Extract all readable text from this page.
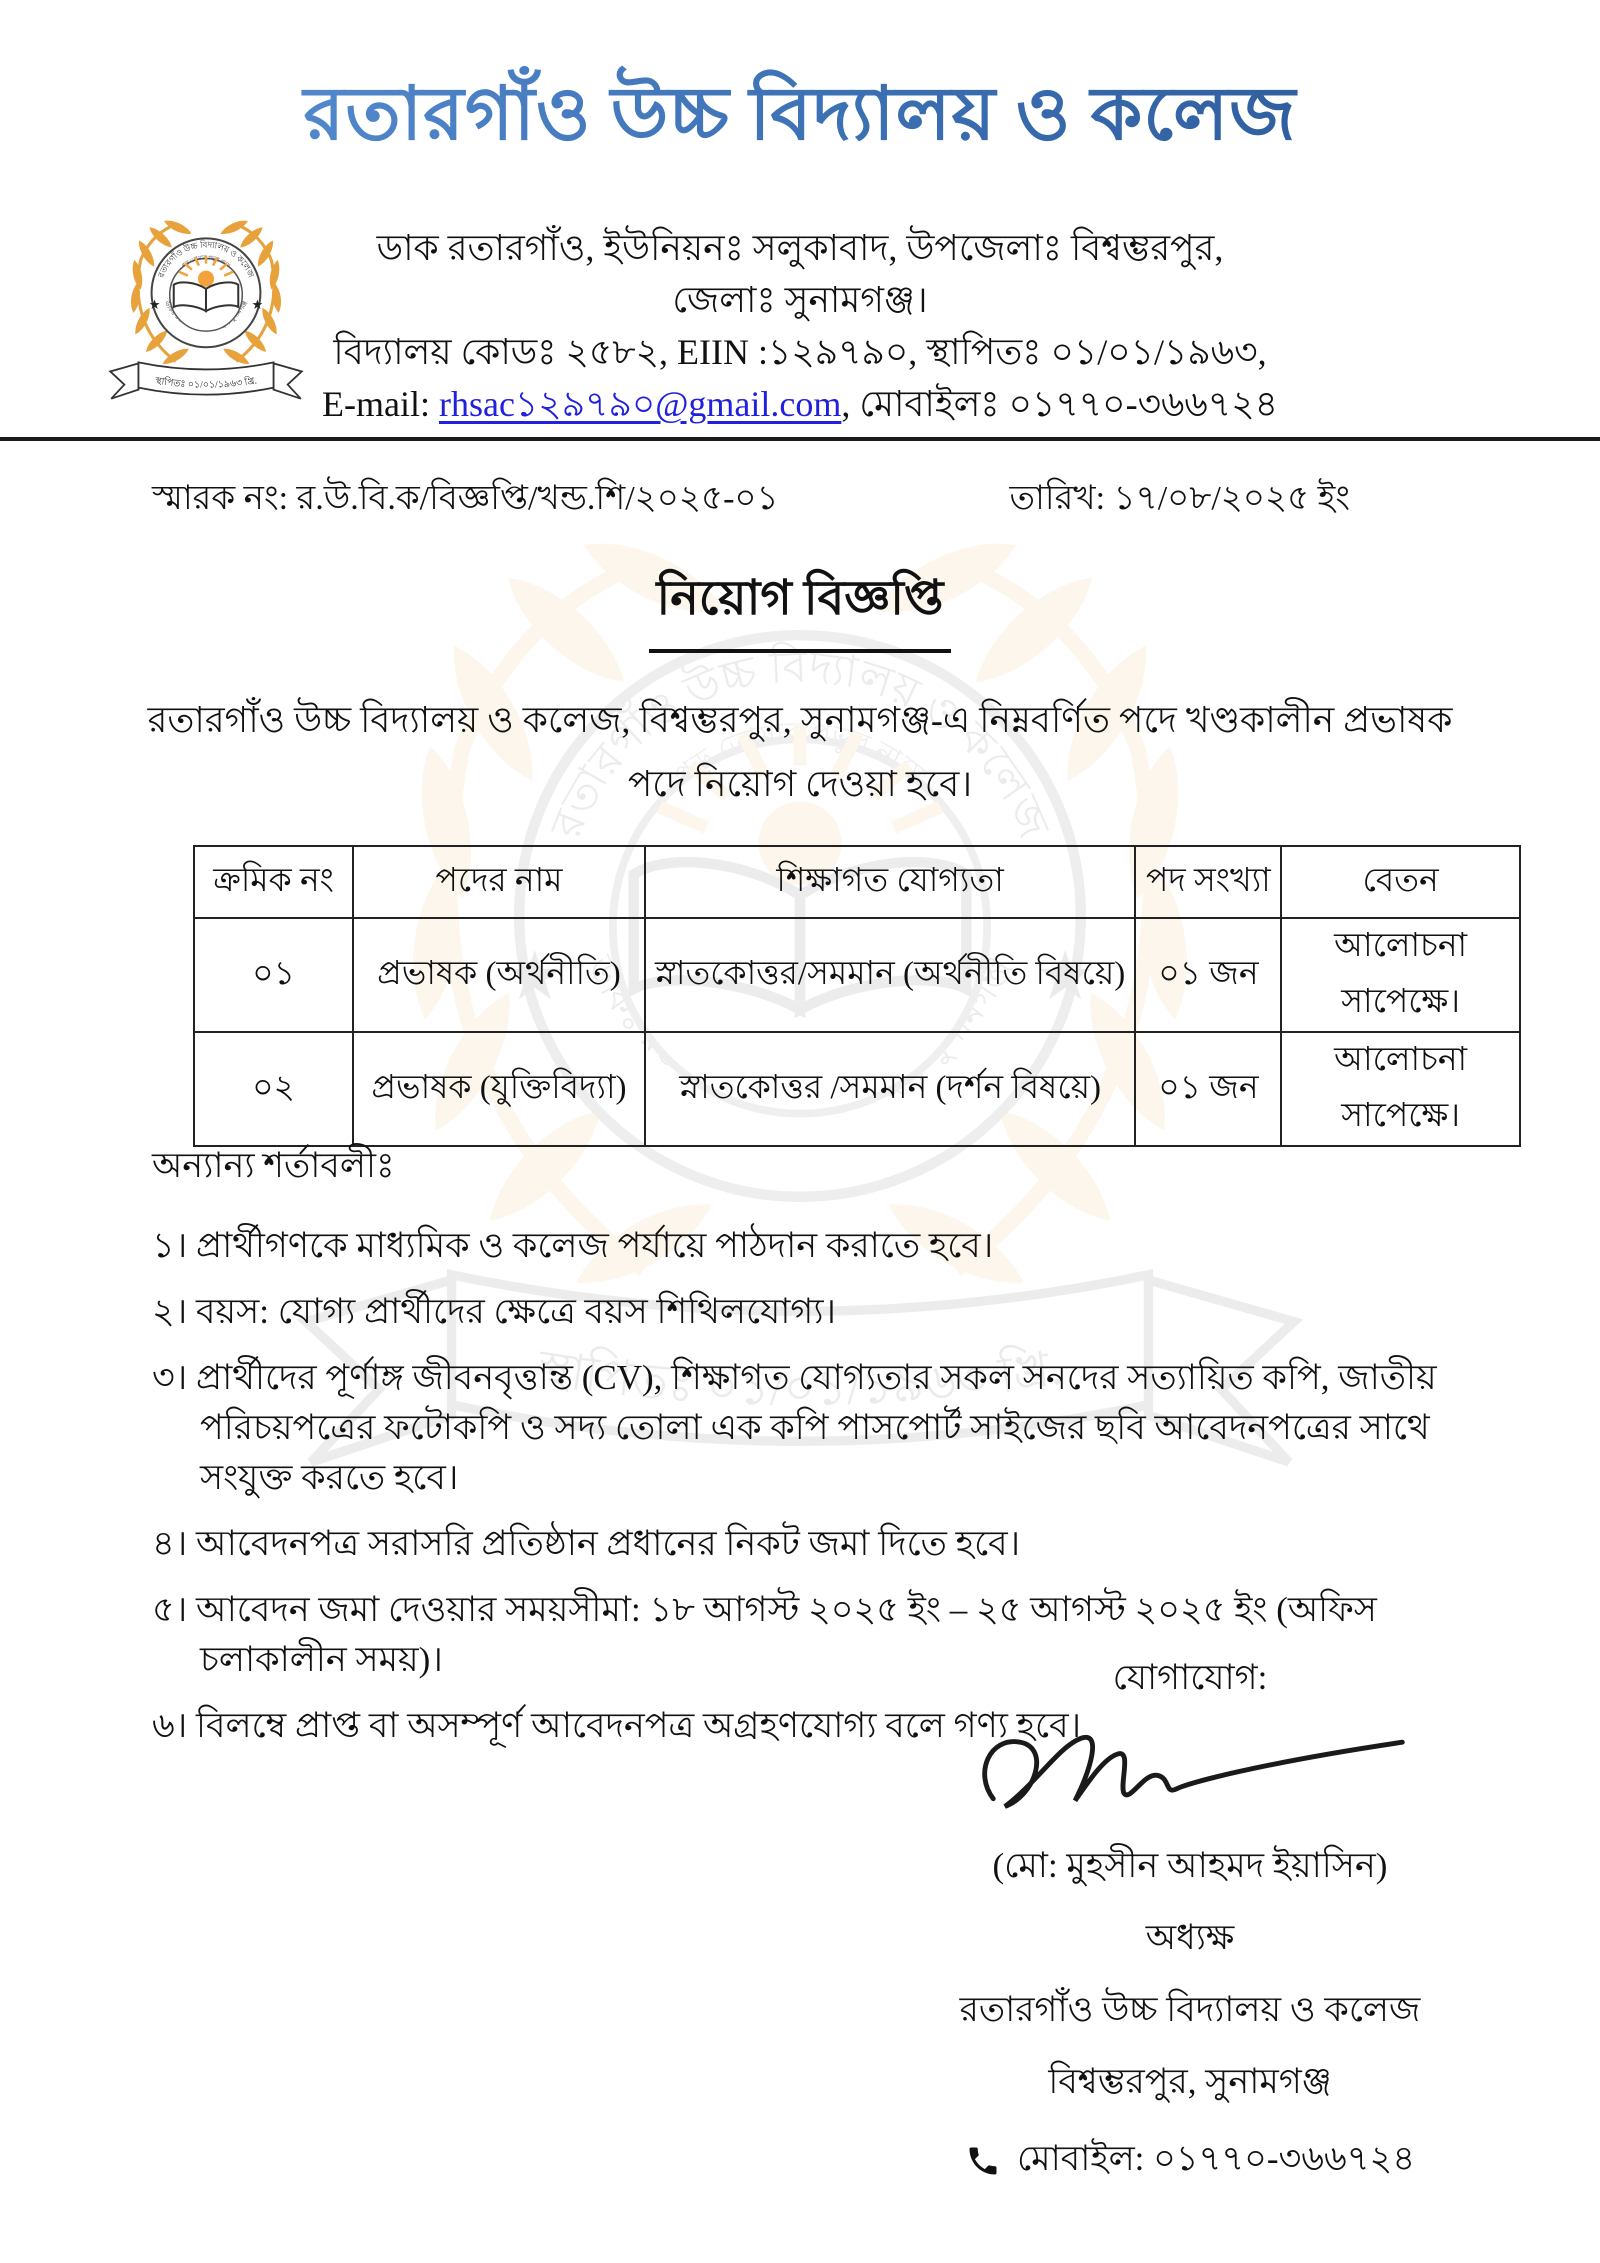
রতারগাঁও উচ্চ বিদ্যালয় ও কলেজ
ডাক রতারগাঁও, ইউনিয়নঃ সলুকাবাদ, উপজেলাঃ বিশ্বম্ভরপুর,
জেলাঃ সুনামগঞ্জ।
বিদ্যালয় কোডঃ ২৫৮২, EIIN :১২৯৭৯০, স্থাপিতঃ ০১/০১/১৯৬৩,
E-mail: rhsac১২৯৭৯০@gmail.com, মোবাইলঃ ০১৭৭০-৩৬৬৭২৪
স্মারক নং: র.উ.বি.ক/বিজ্ঞপ্তি/খন্ড.শি/২০২৫-০১	তারিখ: ১৭/০৮/২০২৫ ইং
নিয়োগ বিজ্ঞপ্তি
রতারগাঁও উচ্চ বিদ্যালয় ও কলেজ, বিশ্বম্ভরপুর, সুনামগঞ্জ-এ নিম্নবর্ণিত পদে খণ্ডকালীন প্রভাষক পদে নিয়োগ দেওয়া হবে।
ক্রমিক নং	পদের নাম	শিক্ষাগত যোগ্যতা	পদ সংখ্যা	বেতন
০১	প্রভাষক (অর্থনীতি)	স্নাতকোত্তর/সমমান (অর্থনীতি বিষয়ে)	০১ জন	আলোচনা সাপেক্ষে।
০২	প্রভাষক (যুক্তিবিদ্যা)	স্নাতকোত্তর /সমমান (দর্শন বিষয়ে)	০১ জন	আলোচনা সাপেক্ষে।
অন্যান্য শর্তাবলীঃ
১। প্রার্থীগণকে মাধ্যমিক ও কলেজ পর্যায়ে পাঠদান করাতে হবে।
২। বয়স: যোগ্য প্রার্থীদের ক্ষেত্রে বয়স শিথিলযোগ্য।
৩। প্রার্থীদের পূর্ণাঙ্গ জীবনবৃত্তান্ত (CV), শিক্ষাগত যোগ্যতার সকল সনদের সত্যায়িত কপি, জাতীয় পরিচয়পত্রের ফটোকপি ও সদ্য তোলা এক কপি পাসপোর্ট সাইজের ছবি আবেদনপত্রের সাথে সংযুক্ত করতে হবে।
৪। আবেদনপত্র সরাসরি প্রতিষ্ঠান প্রধানের নিকট জমা দিতে হবে।
৫। আবেদন জমা দেওয়ার সময়সীমা: ১৮ আগস্ট ২০২৫ ইং – ২৫ আগস্ট ২০২৫ ইং (অফিস চলাকালীন সময়)।
৬। বিলম্বে প্রাপ্ত বা অসম্পূর্ণ আবেদনপত্র অগ্রহণযোগ্য বলে গণ্য হবে।
যোগাযোগ:
(মো: মুহসীন আহমদ ইয়াসিন)
অধ্যক্ষ
রতারগাঁও উচ্চ বিদ্যালয় ও কলেজ
বিশ্বম্ভরপুর, সুনামগঞ্জ
মোবাইল: ০১৭৭০-৩৬৬৭২৪
